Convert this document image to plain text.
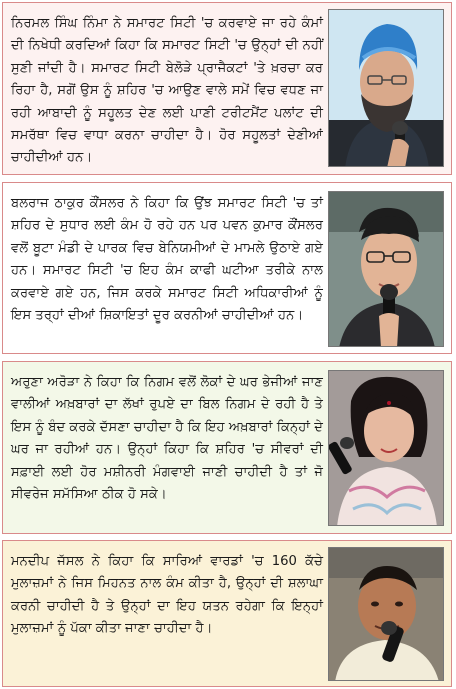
ਨਿਰਮਲ ਸਿੰਘ ਨਿੰਮਾ ਨੇ ਸਮਾਰਟ ਸਿਟੀ 'ਚ ਕਰਵਾਏ ਜਾ ਰਹੇ ਕੰਮਾਂ ਦੀ ਨਿਖੇਧੀ ਕਰਦਿਆਂ ਕਿਹਾ ਕਿ ਸਮਾਰਟ ਸਿਟੀ 'ਚ ਉਨ੍ਹਾਂ ਦੀ ਨਹੀਂ ਸੁਣੀ ਜਾਂਦੀ ਹੈ। ਸਮਾਰਟ ਸਿਟੀ ਬੇਲੋੜੇ ਪ੍ਰਾਜੈਕਟਾਂ 'ਤੇ ਖ਼ਰਚਾ ਕਰ ਰਿਹਾ ਹੈ, ਸਗੋਂ ਉਸ ਨੂੰ ਸ਼ਹਿਰ 'ਚ ਆਉਣ ਵਾਲੇ ਸਮੇਂ ਵਿਚ ਵਧਣ ਜਾ ਰਹੀ ਆਬਾਦੀ ਨੂੰ ਸਹੂਲਤ ਦੇਣ ਲਈ ਪਾਣੀ ਟਰੀਟਮੈਂਟ ਪਲਾਂਟ ਦੀ ਸਮਰੱਥਾ ਵਿਚ ਵਾਧਾ ਕਰਨਾ ਚਾਹੀਦਾ ਹੈ। ਹੋਰ ਸਹੂਲਤਾਂ ਦੇਣੀਆਂ ਚਾਹੀਦੀਆਂ ਹਨ।

ਬਲਰਾਜ ਠਾਕੁਰ ਕੌਂਸਲਰ ਨੇ ਕਿਹਾ ਕਿ ਉਂਝ ਸਮਾਰਟ ਸਿਟੀ 'ਚ ਤਾਂ ਸ਼ਹਿਰ ਦੇ ਸੁਧਾਰ ਲਈ ਕੰਮ ਹੋ ਰਹੇ ਹਨ ਪਰ ਪਵਨ ਕੁਮਾਰ ਕੌਂਸਲਰ ਵਲੋਂ ਬੂਟਾ ਮੰਡੀ ਦੇ ਪਾਰਕ ਵਿਚ ਬੇਨਿਯਮੀਆਂ ਦੇ ਮਾਮਲੇ ਉਠਾਏ ਗਏ ਹਨ। ਸਮਾਰਟ ਸਿਟੀ 'ਚ ਇਹ ਕੰਮ ਕਾਫੀ ਘਟੀਆ ਤਰੀਕੇ ਨਾਲ ਕਰਵਾਏ ਗਏ ਹਨ, ਜਿਸ ਕਰਕੇ ਸਮਾਰਟ ਸਿਟੀ ਅਧਿਕਾਰੀਆਂ ਨੂੰ ਇਸ ਤਰ੍ਹਾਂ ਦੀਆਂ ਸ਼ਿਕਾਇਤਾਂ ਦੂਰ ਕਰਨੀਆਂ ਚਾਹੀਦੀਆਂ ਹਨ।

ਅਰੁਣਾ ਅਰੋੜਾ ਨੇ ਕਿਹਾ ਕਿ ਨਿਗਮ ਵਲੋਂ ਲੋਕਾਂ ਦੇ ਘਰ ਭੇਜੀਆਂ ਜਾਣ ਵਾਲੀਆਂ ਅਖ਼ਬਾਰਾਂ ਦਾ ਲੱਖਾਂ ਰੁਪਏ ਦਾ ਬਿਲ ਨਿਗਮ ਦੇ ਰਹੀ ਹੈ ਤੇ ਇਸ ਨੂੰ ਬੰਦ ਕਰਕੇ ਦੱਸਣਾ ਚਾਹੀਦਾ ਹੈ ਕਿ ਇਹ ਅਖ਼ਬਾਰਾਂ ਕਿਨ੍ਹਾਂ ਦੇ ਘਰ ਜਾ ਰਹੀਆਂ ਹਨ। ਉਨ੍ਹਾਂ ਕਿਹਾ ਕਿ ਸ਼ਹਿਰ 'ਚ ਸੀਵਰਾਂ ਦੀ ਸਫ਼ਾਈ ਲਈ ਹੋਰ ਮਸ਼ੀਨਰੀ ਮੰਗਵਾਈ ਜਾਣੀ ਚਾਹੀਦੀ ਹੈ ਤਾਂ ਜੋ ਸੀਵਰੇਜ ਸਮੱਸਿਆ ਠੀਕ ਹੋ ਸਕੇ।

ਮਨਦੀਪ ਜੱਸਲ ਨੇ ਕਿਹਾ ਕਿ ਸਾਰਿਆਂ ਵਾਰਡਾਂ 'ਚ 160 ਕੱਚੇ ਮੁਲਾਜ਼ਮਾਂ ਨੇ ਜਿਸ ਮਿਹਨਤ ਨਾਲ ਕੰਮ ਕੀਤਾ ਹੈ, ਉਨ੍ਹਾਂ ਦੀ ਸ਼ਲਾਘਾ ਕਰਨੀ ਚਾਹੀਦੀ ਹੈ ਤੇ ਉਨ੍ਹਾਂ ਦਾ ਇਹ ਯਤਨ ਰਹੇਗਾ ਕਿ ਇਨ੍ਹਾਂ ਮੁਲਾਜ਼ਮਾਂ ਨੂੰ ਪੱਕਾ ਕੀਤਾ ਜਾਣਾ ਚਾਹੀਦਾ ਹੈ।
